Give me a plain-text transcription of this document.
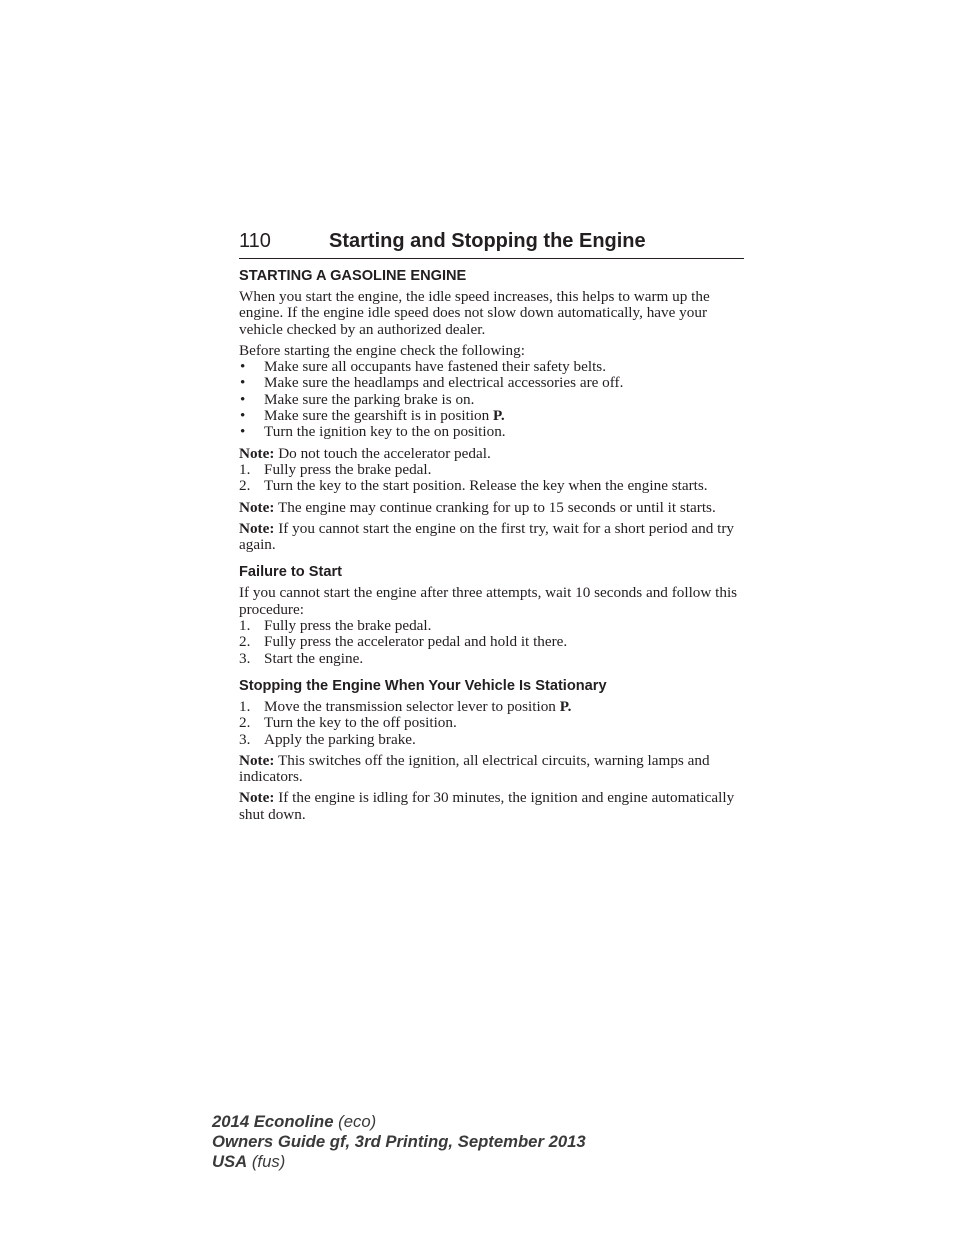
110	Starting and Stopping the Engine
STARTING A GASOLINE ENGINE

When you start the engine, the idle speed increases, this helps to warm up the engine. If the engine idle speed does not slow down automatically, have your vehicle checked by an authorized dealer.

Before starting the engine check the following:
• Make sure all occupants have fastened their safety belts.
• Make sure the headlamps and electrical accessories are off.
• Make sure the parking brake is on.
• Make sure the gearshift is in position P.
• Turn the ignition key to the on position.
Note: Do not touch the accelerator pedal.
1. Fully press the brake pedal.
2. Turn the key to the start position. Release the key when the engine starts.

Note: The engine may continue cranking for up to 15 seconds or until it starts.

Note: If you cannot start the engine on the first try, wait for a short period and try again.

Failure to Start
If you cannot start the engine after three attempts, wait 10 seconds and follow this procedure:
1. Fully press the brake pedal.
2. Fully press the accelerator pedal and hold it there.
3. Start the engine.
Stopping the Engine When Your Vehicle Is Stationary
1. Move the transmission selector lever to position P.
2. Turn the key to the off position.
3. Apply the parking brake.

Note: This switches off the ignition, all electrical circuits, warning lamps and indicators.

Note: If the engine is idling for 30 minutes, the ignition and engine automatically shut down.

2014 Econoline (eco)
Owners Guide gf, 3rd Printing, September 2013
USA (fus)
